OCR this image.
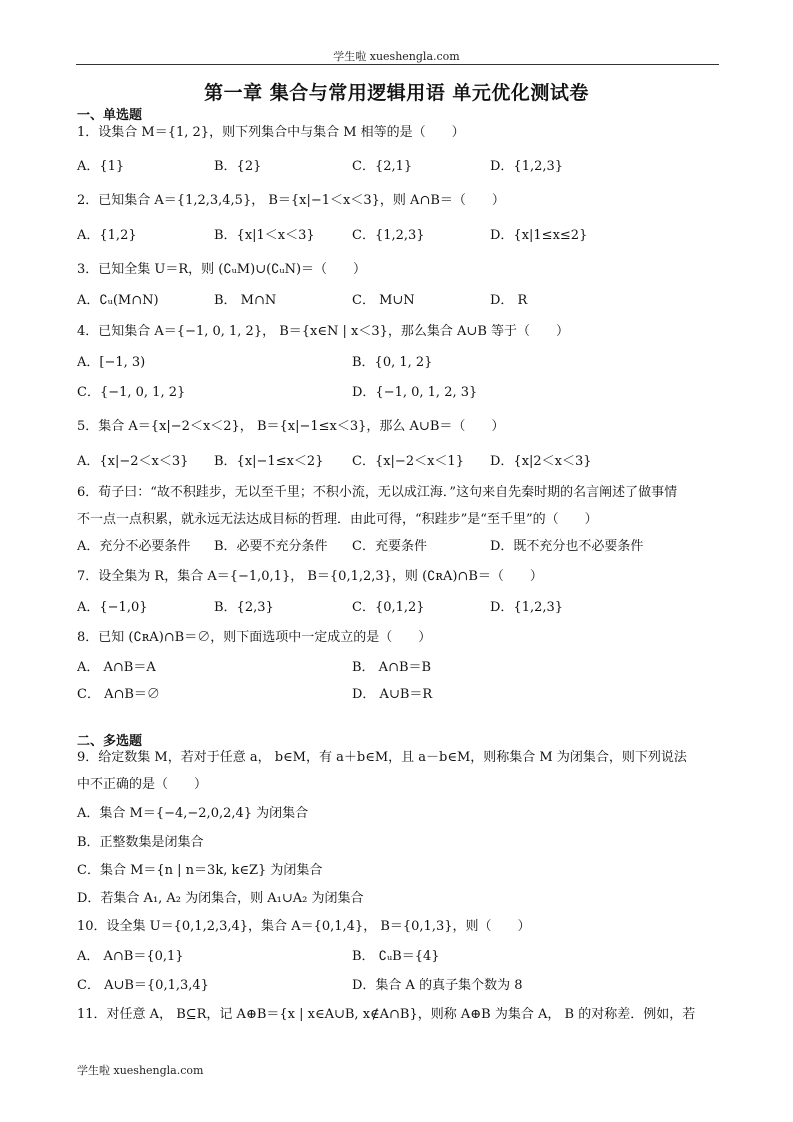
学生啦 xueshengla.com
第一章 集合与常用逻辑用语 单元优化测试卷
一、单选题
1．设集合 M＝{1, 2}，则下列集合中与集合 M 相等的是（　　）
A．{1}	B．{2}	C．{2,1}	D．{1,2,3}
2．已知集合 A＝{1,2,3,4,5}， B＝{x|−1＜x＜3}，则 A∩B＝（　　）
A．{1,2}	B．{x|1＜x＜3}	C．{1,2,3}	D．{x|1≤x≤2}
3．已知全集 U＝R，则 (∁ᵤM)∪(∁ᵤN)＝（　　）
A．∁ᵤ(M∩N)	B． M∩N	C． M∪N	D． R
4．已知集合 A＝{−1, 0, 1, 2}， B＝{x∈N | x＜3}，那么集合 A∪B 等于（　　）
A．[−1, 3)	B．{0, 1, 2}
C．{−1, 0, 1, 2}	D．{−1, 0, 1, 2, 3}
5．集合 A＝{x|−2＜x＜2}， B＝{x|−1≤x＜3}，那么 A∪B＝（　　）
A．{x|−2＜x＜3} B．{x|−1≤x＜2} C．{x|−2＜x＜1} D．{x|2＜x＜3}
6．荀子曰：“故不积跬步，无以至千里；不积小流，无以成江海．”这句来自先秦时期的名言阐述了做事情
不一点一点积累，就永远无法达成目标的哲理．由此可得，“积跬步”是“至千里”的（　　）
A．充分不必要条件 B．必要不充分条件 C．充要条件	D．既不充分也不必要条件
7．设全集为 R，集合 A＝{−1,0,1}， B＝{0,1,2,3}，则 (∁ʀA)∩B＝（　　）
A．{−1,0}	B．{2,3}	C．{0,1,2}	D．{1,2,3}
8．已知 (∁ʀA)∩B＝∅，则下面选项中一定成立的是（　　）
A． A∩B＝A	B． A∩B＝B
C． A∩B＝∅	D． A∪B＝R
二、多选题
9．给定数集 M，若对于任意 a， b∈M，有 a＋b∈M，且 a－b∈M，则称集合 M 为闭集合，则下列说法
中不正确的是（　　）
A．集合 M＝{−4,−2,0,2,4} 为闭集合
B．正整数集是闭集合
C．集合 M＝{n | n＝3k, k∈Z} 为闭集合
D．若集合 A₁, A₂ 为闭集合，则 A₁∪A₂ 为闭集合
10．设全集 U＝{0,1,2,3,4}，集合 A＝{0,1,4}， B＝{0,1,3}，则（　　）
A． A∩B＝{0,1}	B． ∁ᵤB＝{4}
C． A∪B＝{0,1,3,4}	D．集合 A 的真子集个数为 8
11．对任意 A， B⊆R，记 A⊕B＝{x | x∈A∪B, x∉A∩B}，则称 A⊕B 为集合 A， B 的对称差．例如，若
学生啦 xueshengla.com
